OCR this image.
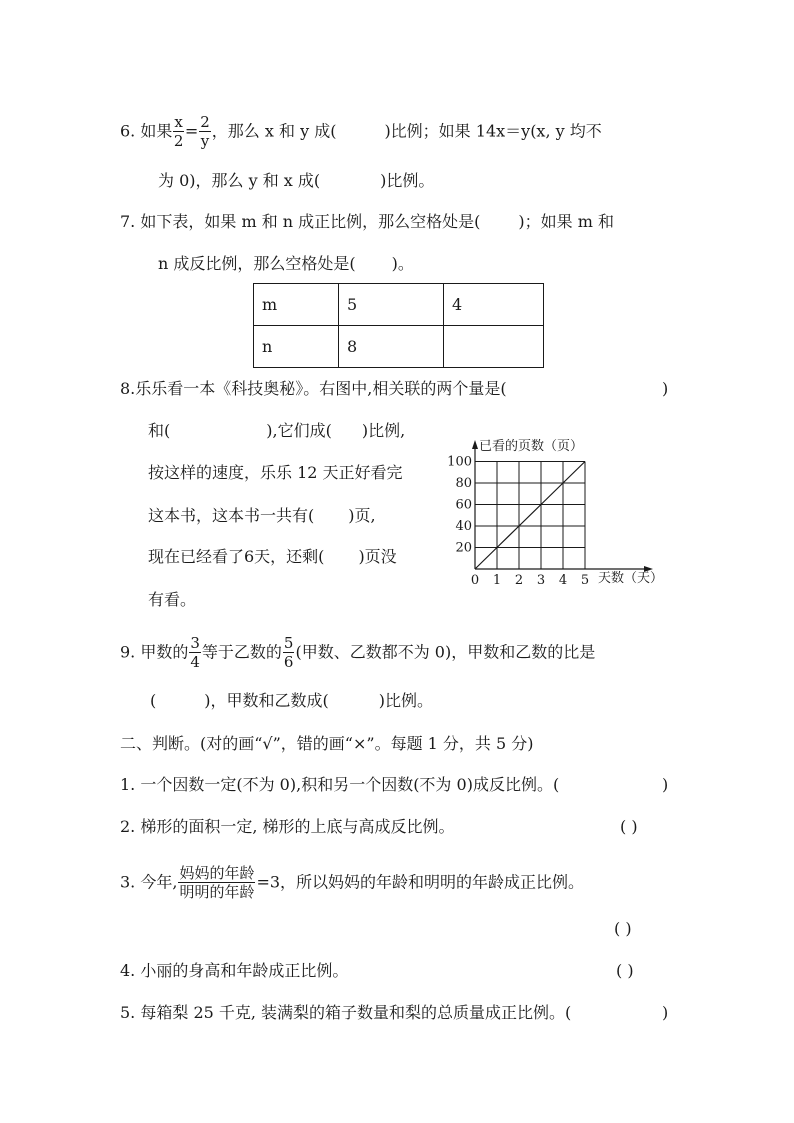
6. 如果 $\frac{x}{2} = \frac{2}{y}$ ，那么 x 和 y 成(	)比例；如果 14x＝y(x, y 均不
为 0)，那么 y 和 x 成(	)比例。
7. 如下表，如果 m 和 n 成正比例，那么空格处是( )；如果 m 和
n 成反比例，那么空格处是( )。
m	5	4
n	8	
8.乐乐看一本《科技奥秘》。右图中,相关联的两个量是(	)
和(	),它们成( )比例,
按这样的速度，乐乐 12 天正好看完
这本书，这本书一共有( )页,
现在已经看了6天，还剩( )页没
有看。
0 1 2 3 4 5
20
40
60
80
100
已看的页数（页）
天数（天）
9. 甲数的 $\frac{3}{4}$ 等于乙数的 $\frac{5}{6}$ (甲数、乙数都不为 0)，甲数和乙数的比是
(	)，甲数和乙数成(	)比例。
二、判断。(对的画“√”，错的画“×”。每题 1 分，共 5 分)
1. 一个因数一定(不为 0),积和另一个因数(不为 0)成反比例。(	)
2. 梯形的面积一定, 梯形的上底与高成反比例。	( )
3. 今年, $\frac{\text{妈妈的年龄}}{\text{明明的年龄}} =3$，所以妈妈的年龄和明明的年龄成正比例。
( )
4. 小丽的身高和年龄成正比例。	( )
5. 每箱梨 25 千克, 装满梨的箱子数量和梨的总质量成正比例。(	)
